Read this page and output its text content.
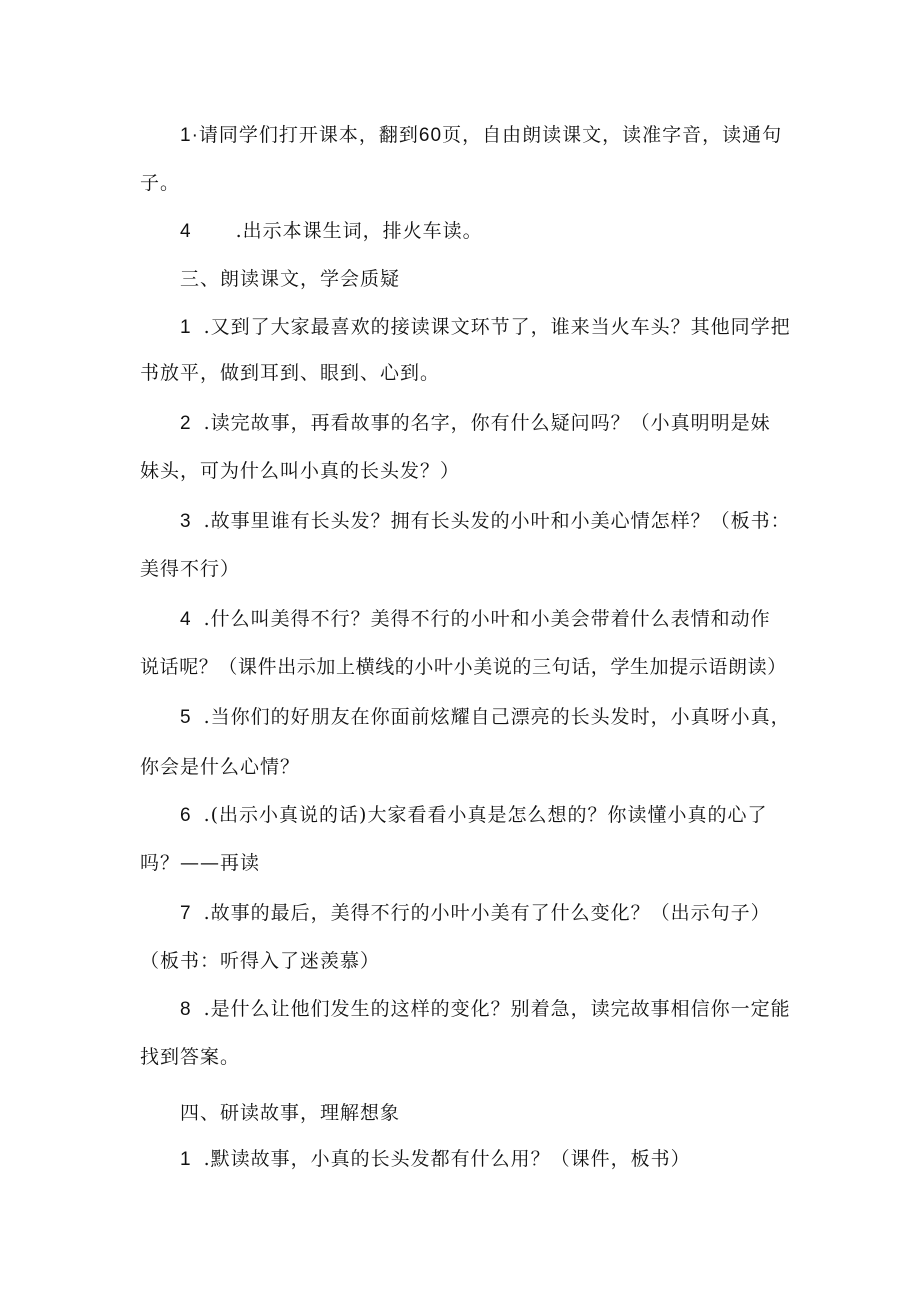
1·请同学们打开课本，翻到60页，自由朗读课文，读准字音，读通句
子。
4 .出示本课生词，排火车读。
三、朗读课文，学会质疑
1 .又到了大家最喜欢的接读课文环节了，谁来当火车头？其他同学把
书放平，做到耳到、眼到、心到。
2 .读完故事，再看故事的名字，你有什么疑问吗？（小真明明是妹
妹头，可为什么叫小真的长头发？）
3 .故事里谁有长头发？拥有长头发的小叶和小美心情怎样？（板书：
美得不行）
4 .什么叫美得不行？美得不行的小叶和小美会带着什么表情和动作
说话呢？（课件出示加上横线的小叶小美说的三句话，学生加提示语朗读）
5 .当你们的好朋友在你面前炫耀自己漂亮的长头发时，小真呀小真，
你会是什么心情？
6 .(出示小真说的话)大家看看小真是怎么想的？你读懂小真的心了
吗？——再读
7 .故事的最后，美得不行的小叶小美有了什么变化？（出示句子）
（板书：听得入了迷羡慕）
8 .是什么让他们发生的这样的变化？别着急，读完故事相信你一定能
找到答案。
四、研读故事，理解想象
1 .默读故事，小真的长头发都有什么用？（课件，板书）
